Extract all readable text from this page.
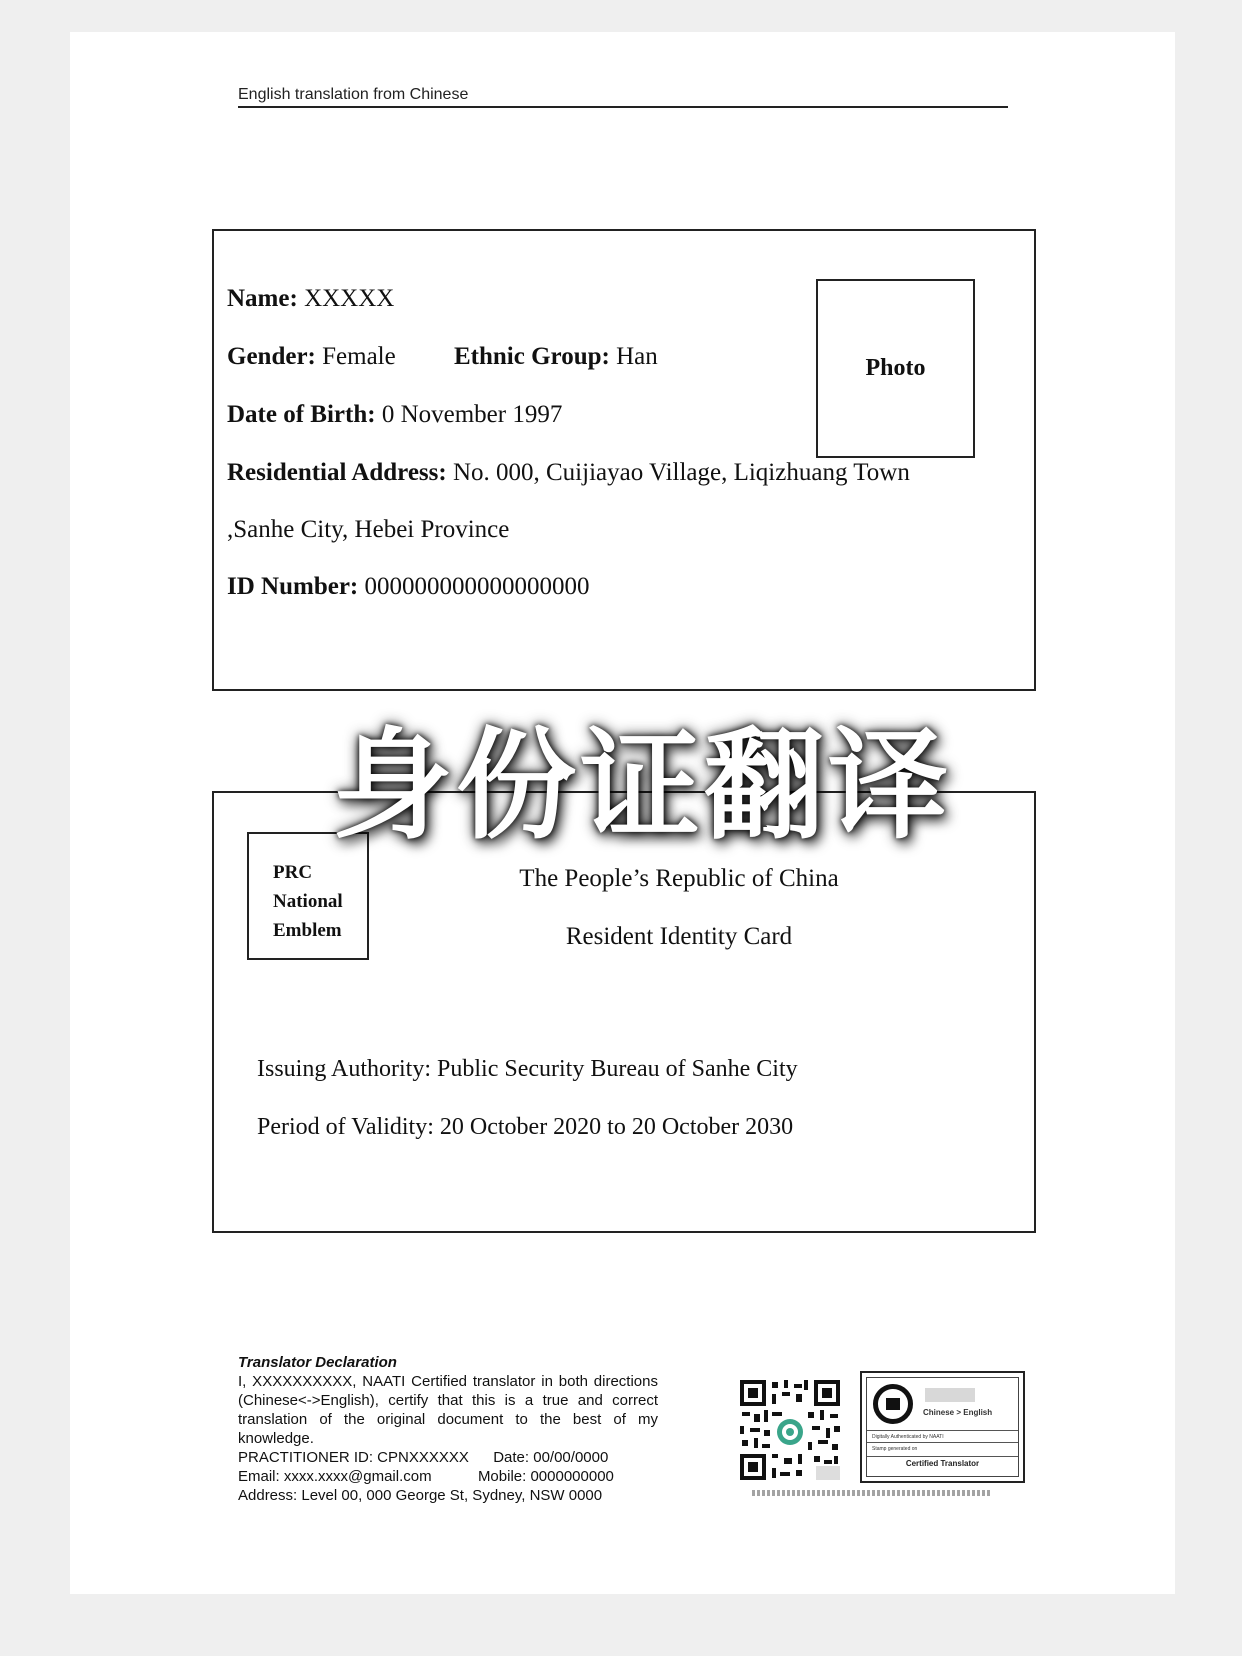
English translation from Chinese
Name: XXXXX
Gender: Female Ethnic Group: Han
Date of Birth: 0 November 1997
Residential Address: No. 000, Cuijiayao Village, Liqizhuang Town
,Sanhe City, Hebei Province
ID Number: 000000000000000000
Photo
PRC
National
Emblem
The People’s Republic of China
Resident Identity Card
Issuing Authority: Public Security Bureau of Sanhe City
Period of Validity: 20 October 2020 to 20 October 2030
身份证翻译
Translator Declaration
I, XXXXXXXXXX, NAATI Certified translator in both directions (Chinese<->English), certify that this is a true and correct translation of the original document to the best of my knowledge.
PRACTITIONER ID: CPNXXXXXX Date: 00/00/0000
Email: xxxx.xxxx@gmail.com	Mobile: 0000000000
Address: Level 00, 000 George St, Sydney, NSW 0000
Chinese > English
Digitally Authenticated by NAATI
Stamp generated on
Certified Translator
